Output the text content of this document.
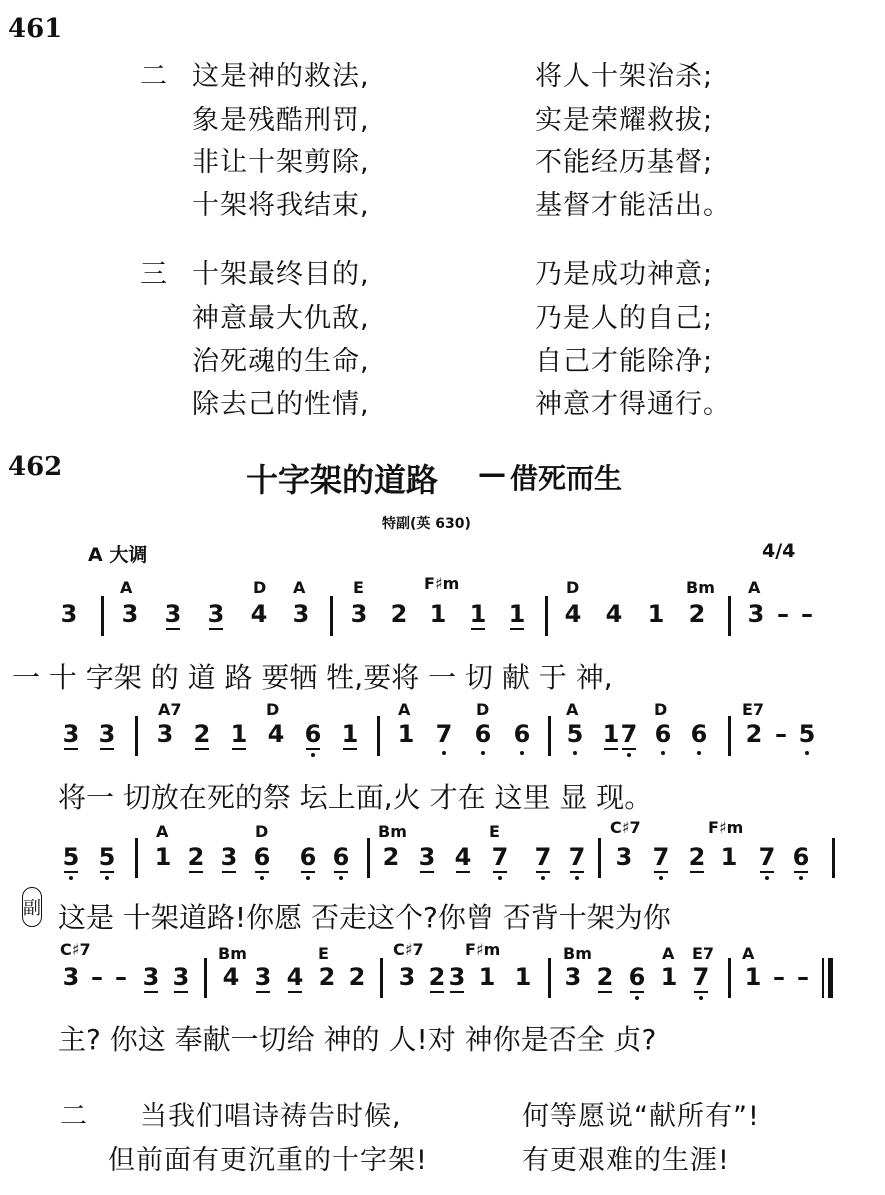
461
二 这是神的救法,	将人十架治杀;
象是残酷刑罚,	实是荣耀救拔;
非让十架剪除,	不能经历基督;
十架将我结束,	基督才能活出。
三 十架最终目的,	乃是成功神意;
神意最大仇敌,	乃是人的自己;
治死魂的生命,	自己才能除净;
除去己的性情,	神意才得通行。
462	十字架的道路 — 借死而生
特副(英 630)
A 大调	4/4
A	D A	E	F♯m	D	Bm A
3 3 3 3 4 3 3 2 1 1 1 4 4 1 2 3 – –
一 十 字架 的 道 路 要牺 牲,要将 一 切 献 于 神,
A7	D	A	D	A	D	E7
3 3 3 2 1 4 6 1 1 7 6 6 5 1 7 6 6 2 – 5
将一 切放在死的祭 坛上面,火 才在 这里 显 现。
A	D	Bm	E	C♯7	F♯m
5 5 1 2 3 6 6 6 2 3 4 7 7 7 3 7 2 1 7 6
副 这是 十架道路!你愿 否走这个?你曾 否背十架为你
C♯7	Bm	E	C♯7	F♯m	Bm	A E7 A
3 – – 3 3 4 3 4 2 2 3 2 3 1 1 3 2 6 1 7 1 – –
主? 你这 奉献一切给 神的 人!对 神你是否全 贞?
二 当我们唱诗祷告时候,	何等愿说“献所有”!
但前面有更沉重的十字架!	有更艰难的生涯!
